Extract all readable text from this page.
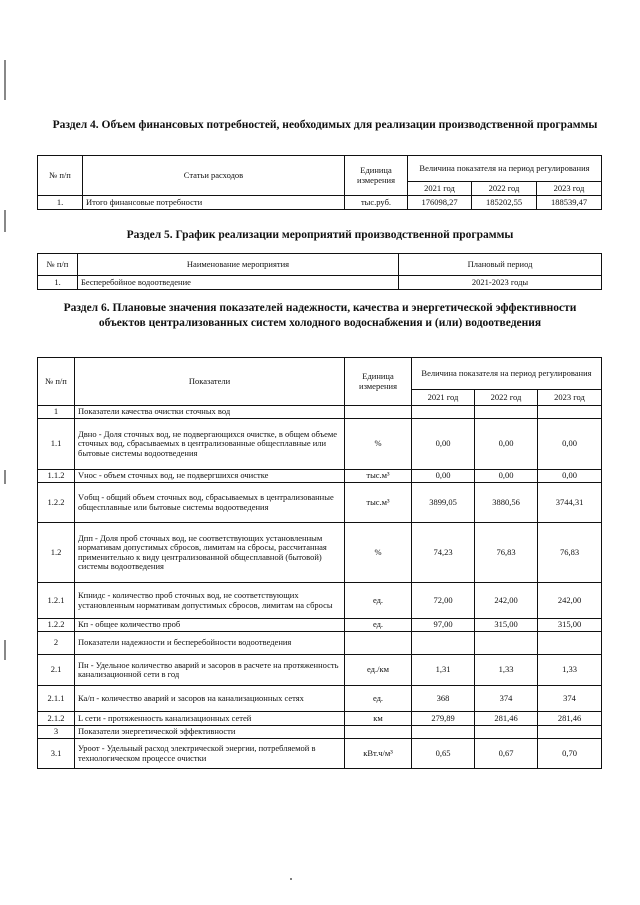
Раздел 4. Объем финансовых потребностей, необходимых для реализации производственной программы
№ п/п	Статьи расходов	Единица измерения	Величина показателя на период регулирования		
			2021 год	2022 год	2023 год
1.	Итого финансовые потребности	тыс.руб.	176098,27	185202,55	188539,47
Раздел 5. График реализации мероприятий производственной программы
№ п/п	Наименование мероприятия	Плановый период
1.	Бесперебойное водоотведение	2021-2023 годы
Раздел 6. Плановые значения показателей надежности, качества и энергетической эффективности объектов централизованных систем холодного водоснабжения и (или) водоотведения
№ п/п	Показатели	Единица измерения	Величина показателя на период регулирования		
			2021 год	2022 год	2023 год
1	Показатели качества очистки сточных вод				
1.1	Двнo - Доля сточных вод, не подвергающихся очистке, в общем объеме сточных вод, сбрасываемых в централизованные общесплавные или бытовые системы водоотведения	%	0,00	0,00	0,00
1.1.2	Vнoc - объем сточных вод, не подвергшихся очистке	тыс.м³	0,00	0,00	0,00
1.2.2	Vобщ - общий объем сточных вод, сбрасываемых в централизованные общесплавные или бытовые системы водоотведения	тыс.м³	3899,05	3880,56	3744,31
1.2	Дпп - Доля проб сточных вод, не соответствующих установленным нормативам допустимых сбросов, лимитам на сбросы, рассчитанная применительно к виду централизованной общесплавной (бытовой) системы водоотведения	%	74,23	76,83	76,83
1.2.1	Кпнидс - количество проб сточных вод, не соответствующих установленным нормативам допустимых сбросов, лимитам на сбросы	ед.	72,00	242,00	242,00
1.2.2	Кп - общее количество проб	ед.	97,00	315,00	315,00
2	Показатели надежности и бесперебойности водоотведения				
2.1	Пн - Удельное количество аварий и засоров в расчете на протяженность канализационной сети в год	ед./км	1,31	1,33	1,33
2.1.1	Ка/п - количество аварий и засоров на канализационных сетях	ед.	368	374	374
2.1.2	L сети - протяженность канализационных сетей	км	279,89	281,46	281,46
3	Показатели энергетической эффективности				
3.1	Уроот - Удельный расход электрической энергии, потребляемой в технологическом процессе очистки	кВт.ч/м³	0,65	0,67	0,70
